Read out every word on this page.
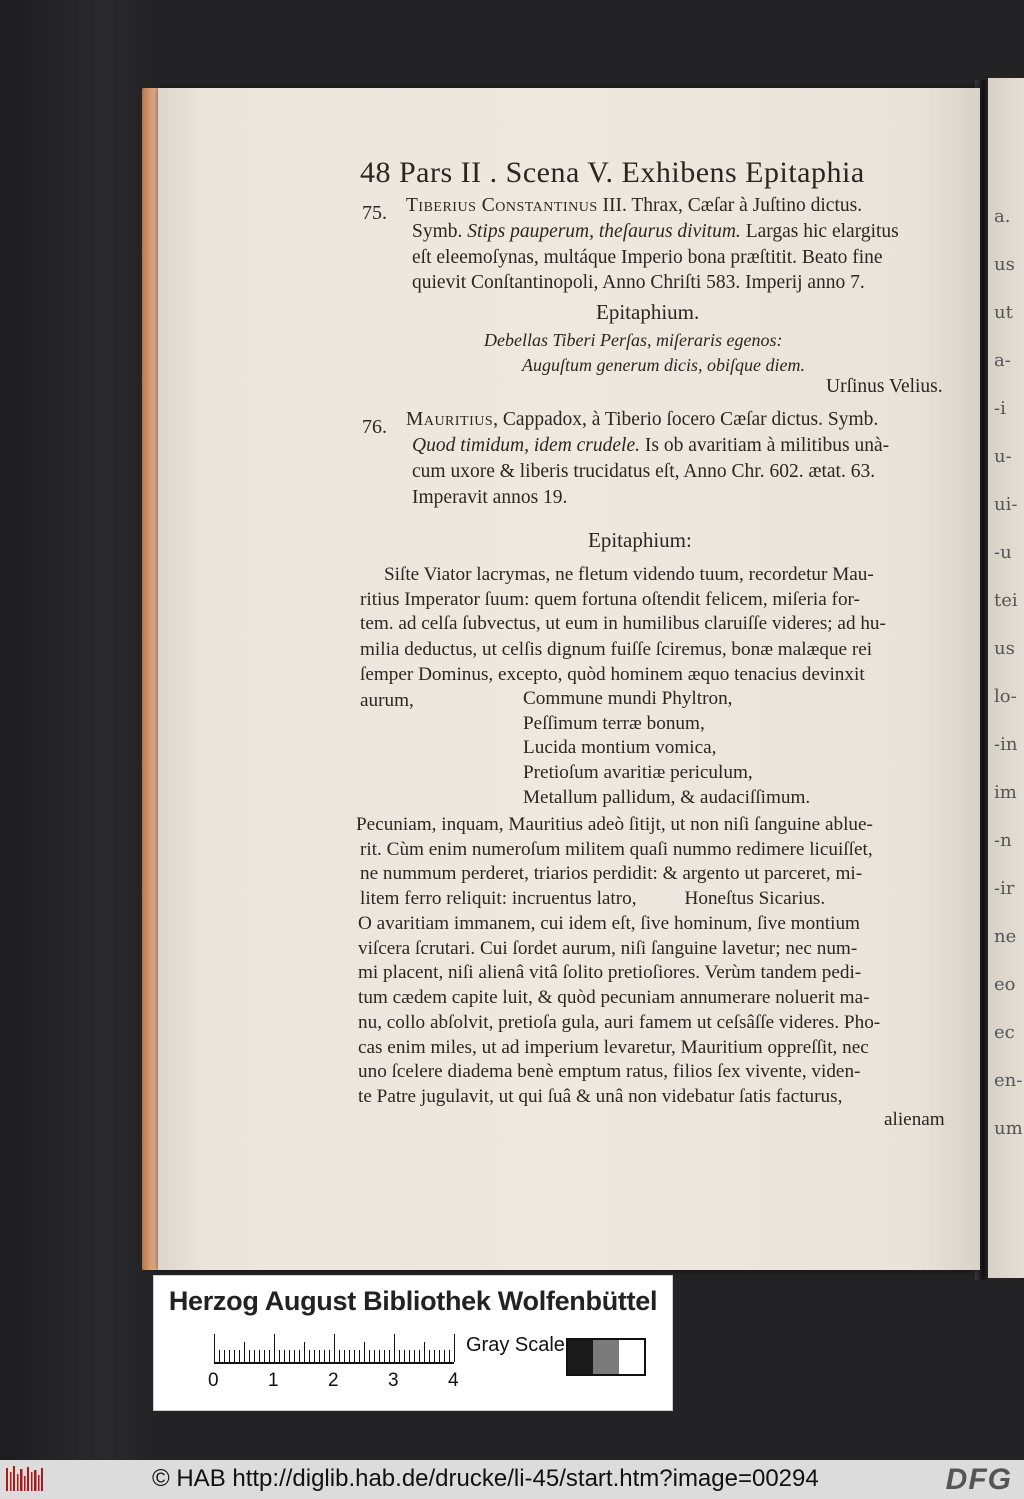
a.
us
ut
a-
-i
u-
ui-
-u
tei
us
lo-
-in
im
-n
-ir
ne
eo
ec
en-
um
48 Pars II . Scena V. Exhibens Epitaphia
75. Tiberius Constantinus III. Thrax, Cæſar à Juſtino dictus.
Symb. Stips pauperum, theſaurus divitum. Largas hic elargitus
eſt eleemoſynas, multáque Imperio bona præſtitit. Beato fine
quievit Conſtantinopoli, Anno Chriſti 583. Imperij anno 7.
Epitaphium.
Debellas Tiberi Perſas, miſeraris egenos:
Auguſtum generum dicis, obiſque diem.
Urſinus Velius.
76. Mauritius, Cappadox, à Tiberio ſocero Cæſar dictus. Symb.
Quod timidum, idem crudele. Is ob avaritiam à militibus unà-
cum uxore & liberis trucidatus eſt, Anno Chr. 602. ætat. 63.
Imperavit annos 19.
Epitaphium:
Siſte Viator lacrymas, ne fletum videndo tuum, recordetur Mau-
ritius Imperator ſuum: quem fortuna oſtendit felicem, miſeria for-
tem. ad celſa ſubvectus, ut eum in humilibus claruiſſe videres; ad hu-
milia deductus, ut celſis dignum fuiſſe ſciremus, bonæ malæque rei
ſemper Dominus, excepto, quòd hominem æquo tenacius devinxit
aurum,	Commune mundi Phyltron,
Peſſimum terræ bonum,
Lucida montium vomica,
Pretioſum avaritiæ periculum,
Metallum pallidum, & audaciſſimum.
Pecuniam, inquam, Mauritius adeò ſitijt, ut non niſi ſanguine ablue-
rit. Cùm enim numeroſum militem quaſi nummo redimere licuiſſet,
ne nummum perderet, triarios perdidit: & argento ut parceret, mi-
litem ferro reliquit: incruentus latro,          Honeſtus Sicarius.
O avaritiam immanem, cui idem eſt, ſive hominum, ſive montium
viſcera ſcrutari. Cui ſordet aurum, niſi ſanguine lavetur; nec num-
mi placent, niſi alienâ vitâ ſolito pretioſiores. Verùm tandem pedi-
tum cædem capite luit, & quòd pecuniam annumerare noluerit ma-
nu, collo abſolvit, pretioſa gula, auri famem ut ceſsâſſe videres. Pho-
cas enim miles, ut ad imperium levaretur, Mauritium oppreſſit, nec
uno ſcelere diadema benè emptum ratus, filios ſex vivente, viden-
te Patre jugulavit, ut qui ſuâ & unâ non videbatur ſatis facturus,
alienam
Herzog August Bibliothek Wolfenbüttel
0	1	2	3	4
Gray Scale
© HAB http://diglib.hab.de/drucke/li-45/start.htm?image=00294	DFG
